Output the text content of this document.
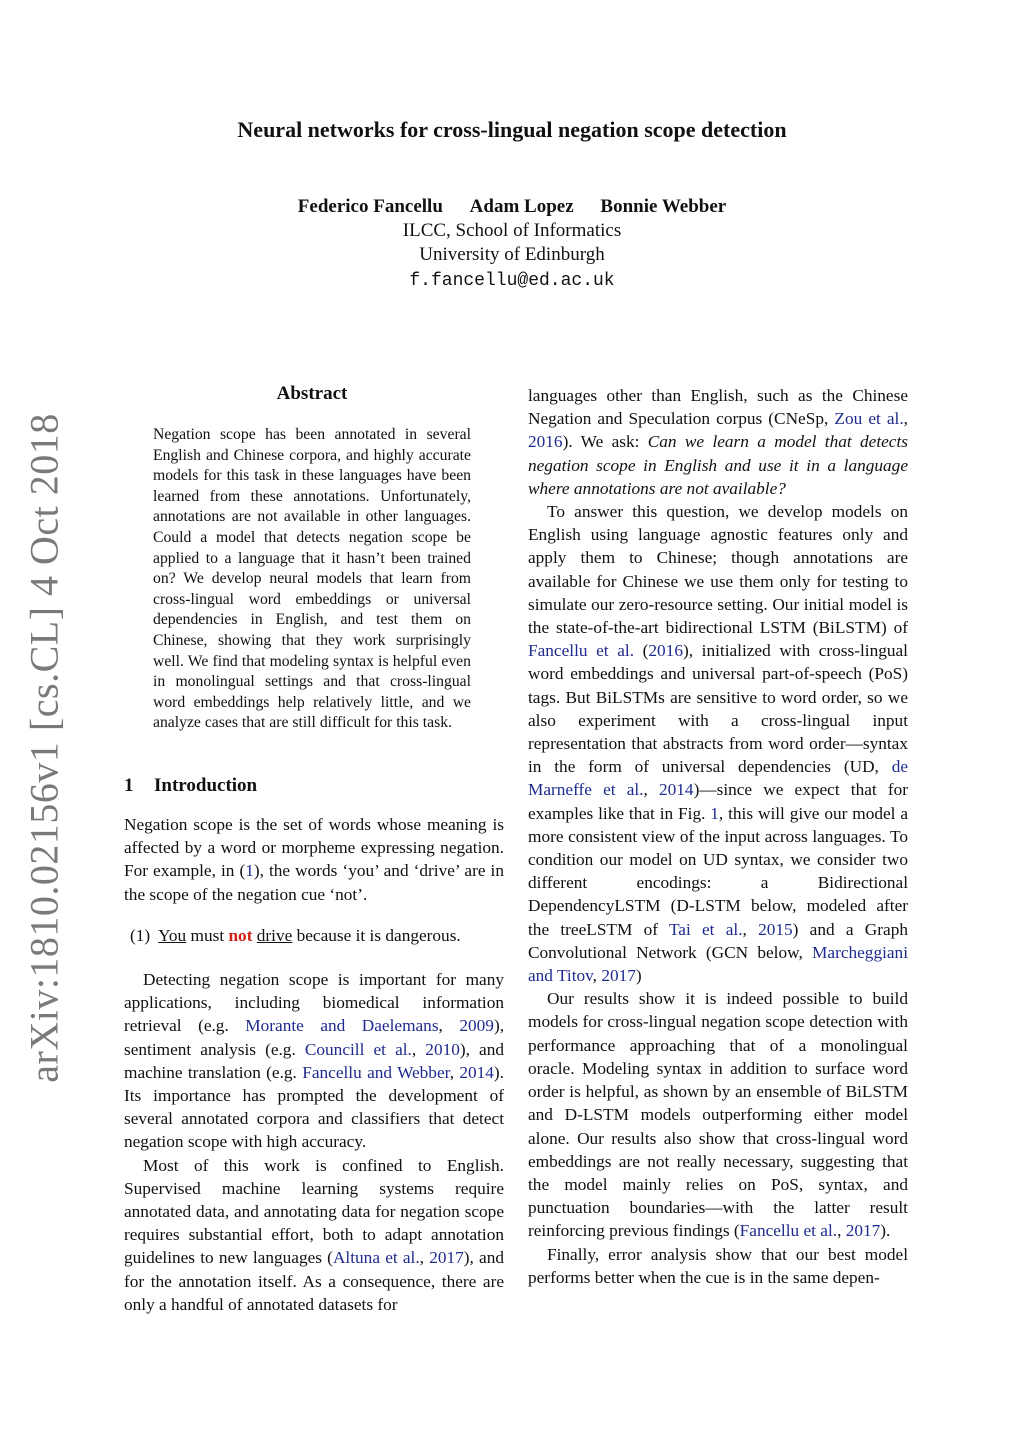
arXiv:1810.02156v1 [cs.CL] 4 Oct 2018
Neural networks for cross-lingual negation scope detection
Federico Fancellu Adam Lopez Bonnie Webber
ILCC, School of Informatics
University of Edinburgh
f.fancellu@ed.ac.uk
Abstract
Negation scope has been annotated in several English and Chinese corpora, and highly accurate models for this task in these languages have been learned from these annotations. Unfortunately, annotations are not available in other languages. Could a model that detects negation scope be applied to a language that it hasn’t been trained on? We develop neural models that learn from cross-lingual word embeddings or universal dependencies in English, and test them on Chinese, showing that they work surprisingly well. We find that modeling syntax is helpful even in monolingual settings and that cross-lingual word embeddings help relatively little, and we analyze cases that are still difficult for this task.
1 Introduction

Negation scope is the set of words whose meaning is affected by a word or morpheme expressing negation. For example, in (1), the words ‘you’ and ‘drive’ are in the scope of the negation cue ‘not’.

(1) You must not drive because it is dangerous.

Detecting negation scope is important for many applications, including biomedical information retrieval (e.g. Morante and Daelemans, 2009), sentiment analysis (e.g. Councill et al., 2010), and machine translation (e.g. Fancellu and Webber, 2014). Its importance has prompted the development of several annotated corpora and classifiers that detect negation scope with high accuracy.

Most of this work is confined to English. Supervised machine learning systems require annotated data, and annotating data for negation scope requires substantial effort, both to adapt annotation guidelines to new languages (Altuna et al., 2017), and for the annotation itself. As a consequence, there are only a handful of annotated datasets for

languages other than English, such as the Chinese Negation and Speculation corpus (CNeSp, Zou et al., 2016). We ask: Can we learn a model that detects negation scope in English and use it in a language where annotations are not available?

To answer this question, we develop models on English using language agnostic features only and apply them to Chinese; though annotations are available for Chinese we use them only for testing to simulate our zero-resource setting. Our initial model is the state-of-the-art bidirectional LSTM (BiLSTM) of Fancellu et al. (2016), initialized with cross-lingual word embeddings and universal part-of-speech (PoS) tags. But BiLSTMs are sensitive to word order, so we also experiment with a cross-lingual input representation that abstracts from word order—syntax in the form of universal dependencies (UD, de Marneffe et al., 2014)—since we expect that for examples like that in Fig. 1, this will give our model a more consistent view of the input across languages. To condition our model on UD syntax, we consider two different encodings: a Bidirectional DependencyLSTM (D-LSTM below, modeled after the treeLSTM of Tai et al., 2015) and a Graph Convolutional Network (GCN below, Marcheggiani and Titov, 2017)

Our results show it is indeed possible to build models for cross-lingual negation scope detection with performance approaching that of a monolingual oracle. Modeling syntax in addition to surface word order is helpful, as shown by an ensemble of BiLSTM and D-LSTM models outperforming either model alone. Our results also show that cross-lingual word embeddings are not really necessary, suggesting that the model mainly relies on PoS, syntax, and punctuation boundaries—with the latter result reinforcing previous findings (Fancellu et al., 2017).

Finally, error analysis show that our best model performs better when the cue is in the same depen-
